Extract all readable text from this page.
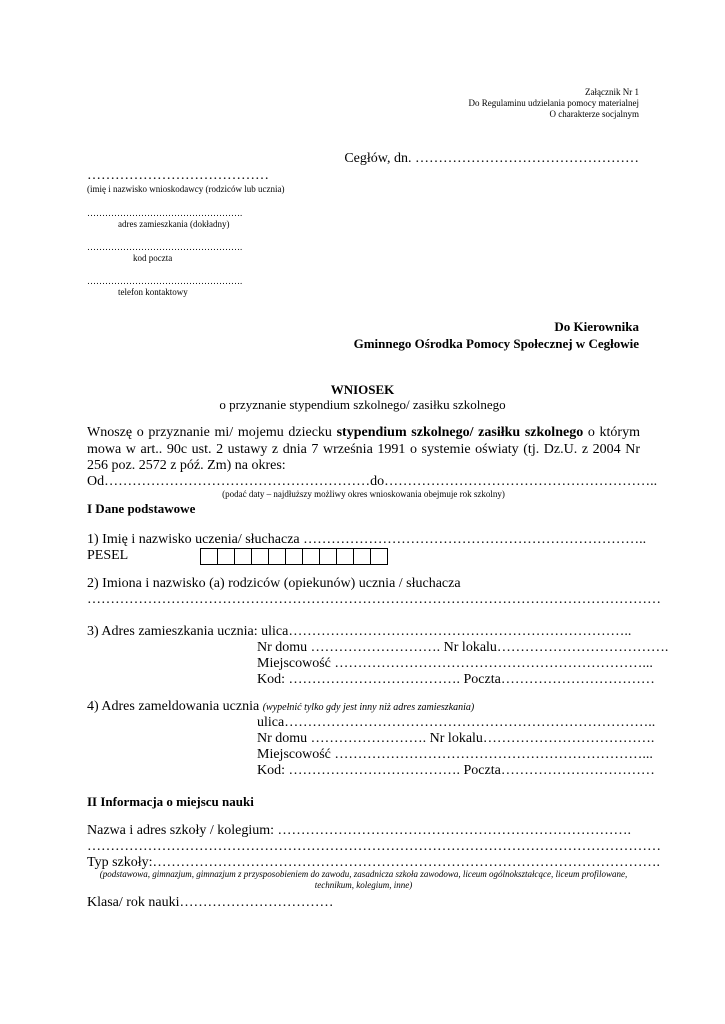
Załącznik Nr 1
Do Regulaminu udzielania pomocy materialnej
O charakterze socjalnym
Cegłów, dn. …………………………………………
…………………………………
(imię i nazwisko wnioskodawcy (rodziców lub ucznia)
…………………………………………….
adres zamieszkania (dokładny)
…………………………………………….
kod poczta
…………………………………………….
telefon kontaktowy
Do Kierownika
Gminnego Ośrodka Pomocy Społecznej w Cegłowie
WNIOSEK
o przyznanie stypendium szkolnego/ zasiłku szkolnego
Wnoszę o przyznanie mi/ mojemu dziecku stypendium szkolnego/ zasiłku szkolnego o którym mowa w art.. 90c ust. 2 ustawy z dnia 7 września 1991 o systemie oświaty (tj. Dz.U. z 2004 Nr 256 poz. 2572 z póź. Zm) na okres:
Od…………………………………………………do…………………………………………………..
(podać daty – najdłuższy możliwy okres wnioskowania obejmuje rok szkolny)
I Dane podstawowe
1) Imię i nazwisko uczenia/ słuchacza ………………………………………………………………..
PESEL
2) Imiona i nazwisko (a) rodziców (opiekunów) ucznia / słuchacza
……………………………………………………………………………………………………………
3) Adres zamieszkania ucznia: ulica………………………………………………………………..
Nr domu ………………………. Nr lokalu……………………………….
Miejscowość …………………………………………………………...
Kod: ………………………………. Poczta……………………………
4) Adres zameldowania ucznia (wypełnić tylko gdy jest inny niż adres zamieszkania)
ulica……………………………………………………………………..
Nr domu ……………………. Nr lokalu……………………………….
Miejscowość …………………………………………………………...
Kod: ………………………………. Poczta……………………………
II Informacja o miejscu nauki
Nazwa i adres szkoły / kolegium: ………………………………………………………………….
……………………………………………………………………………………………………………
Typ szkoły:……………………………………………………………………………………………….
(podstawowa, gimnazjum, gimnazjum z przysposobieniem do zawodu, zasadnicza szkoła zawodowa, liceum ogólnokształcące, liceum profilowane, technikum, kolegium, inne)
Klasa/ rok nauki……………………………
